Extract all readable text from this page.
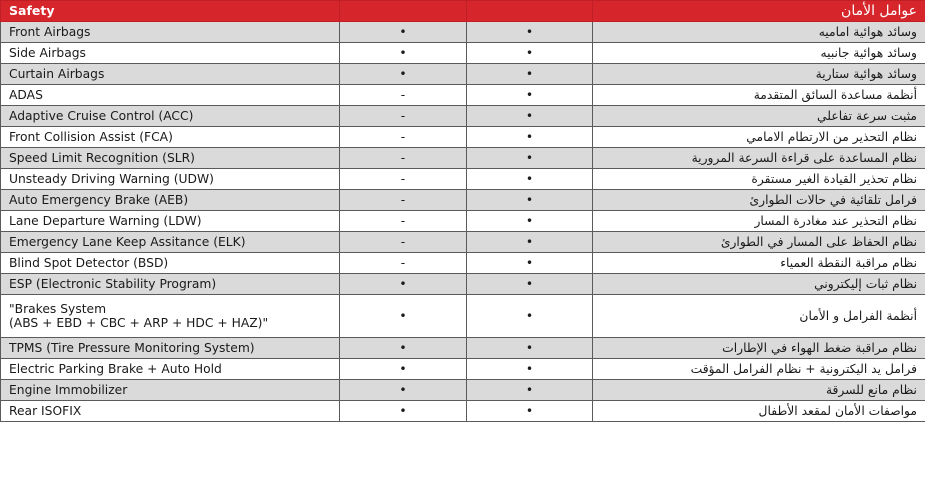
Safety			عوامل الأمان
Front Airbags	•	•	وسائد هوائية اماميه
Side Airbags	•	•	وسائد هوائية جانبيه
Curtain Airbags	•	•	وسائد هوائية ستارية
ADAS	-	•	أنظمة مساعدة السائق المتقدمة
Adaptive Cruise Control (ACC)	-	•	مثبت سرعة تفاعلي
Front Collision Assist (FCA)	-	•	نظام التحذير من الارتطام الامامي
Speed Limit Recognition (SLR)	-	•	نظام المساعدة على قراءة السرعة المرورية
Unsteady Driving Warning (UDW)	-	•	نظام تحذير القيادة الغير مستقرة
Auto Emergency Brake (AEB)	-	•	فرامل تلقائية في حالات الطوارئ
Lane Departure Warning (LDW)	-	•	نظام التحذير عند مغادرة المسار
Emergency Lane Keep Assitance (ELK)	-	•	نظام الحفاظ على المسار في الطوارئ
Blind Spot Detector (BSD)	-	•	نظام مراقبة النقطة العمياء
ESP (Electronic Stability Program)	•	•	نظام ثبات إليكتروني

"Brakes System
(ABS + EBD + CBC + ARP + HDC + HAZ)"	•	•	أنظمة الفرامل و الأمان
TPMS (Tire Pressure Monitoring System)	•	•	نظام مراقبة ضغط الهواء في الإطارات
Electric Parking Brake + Auto Hold	•	•	فرامل يد اليكترونية + نظام الفرامل المؤقت
Engine Immobilizer	•	•	نظام مانع للسرقة
Rear ISOFIX	•	•	مواصفات الأمان لمقعد الأطفال
